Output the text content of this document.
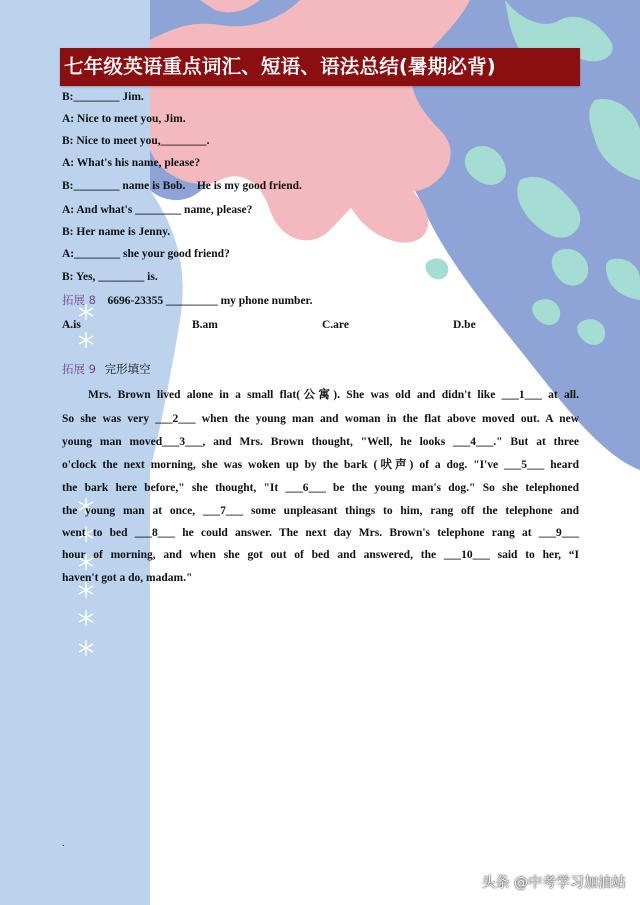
七年级英语重点词汇、短语、语法总结(暑期必背)
B:________ Jim.
A: Nice to meet you, Jim.
B: Nice to meet you,________.
A: What's his name, please?
B:________ name is Bob.    He is my good friend.
A: And what's ________ name, please?
B: Her name is Jenny.
A:________ she your good friend?
B: Yes, ________ is.
拓展 8 6696-23355 _________ my phone number.
A.is	B.am	C.are	D.be
拓展 9 完形填空
Mrs. Brown lived alone in a small flat(公寓). She was old and didn't like ___1___ at all.
So she was very ___2___ when the young man and woman in the flat above moved out. A new
young man moved___3___, and Mrs. Brown thought, "Well, he looks ___4___." But at three
o'clock the next morning, she was woken up by the bark (吠声) of a dog. "I've ___5___ heard
the bark here before," she thought, "It ___6___ be the young man's dog." So she telephoned
the young man at once, ___7___ some unpleasant things to him, rang off the telephone and
went to bed ___8___ he could answer. The next day Mrs. Brown's telephone rang at ___9___
hour of morning, and when she got out of bed and answered, the ___10___ said to her, “I
haven't got a do, madam."
.
头条 @中考学习加油站
